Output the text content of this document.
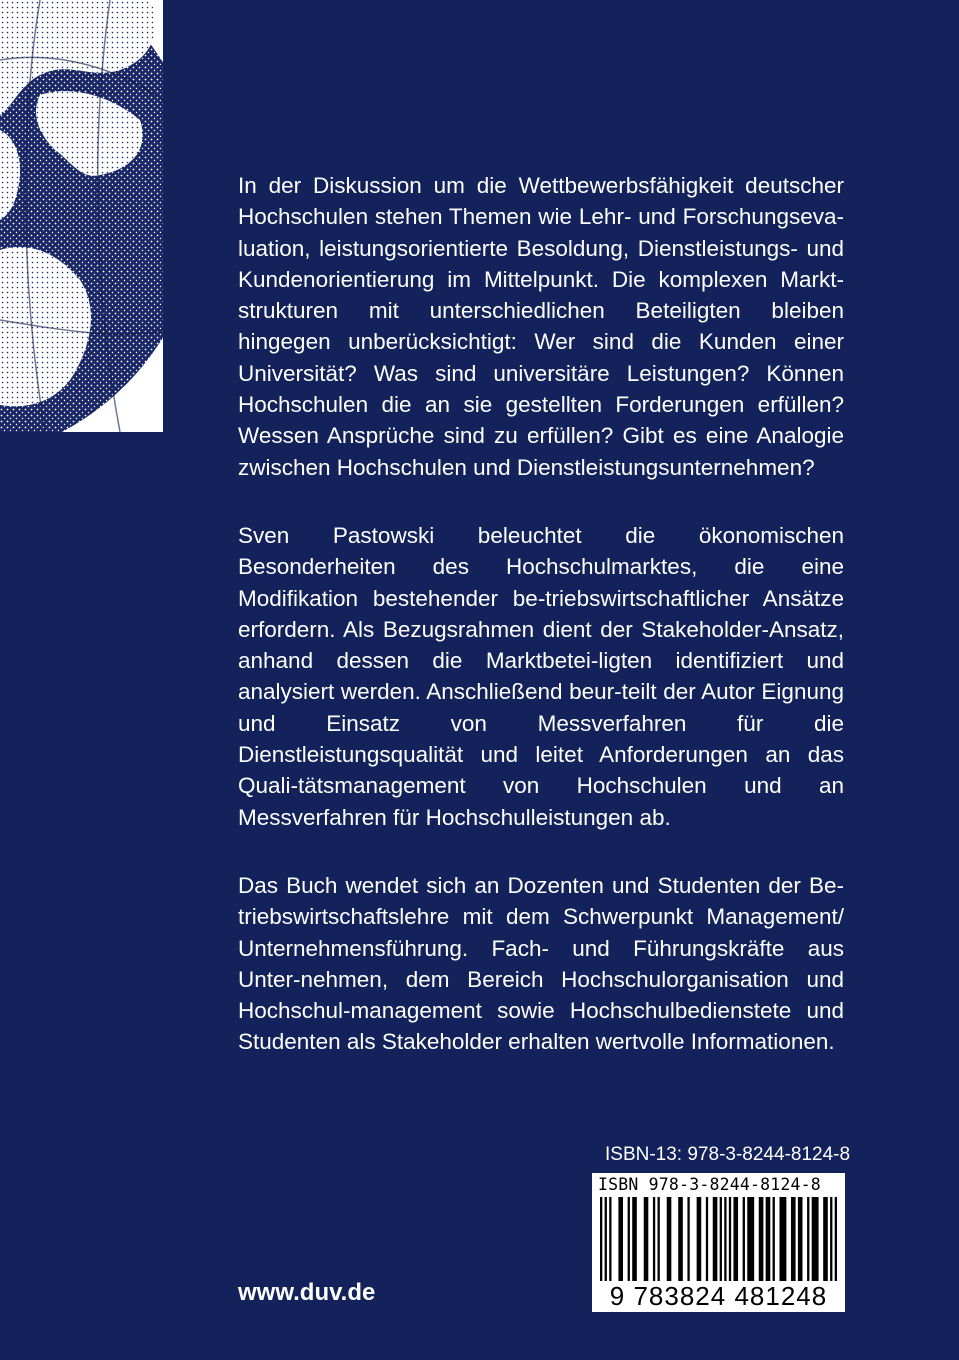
In der Diskussion um die Wettbewerbsfähigkeit deutscher Hochschulen stehen Themen wie Lehr- und Forschungseva-luation, leistungsorientierte Besoldung, Dienstleistungs- und Kundenorientierung im Mittelpunkt. Die komplexen Markt-strukturen mit unterschiedlichen Beteiligten bleiben hingegen unberücksichtigt: Wer sind die Kunden einer Universität? Was sind universitäre Leistungen? Können Hochschulen die an sie gestellten Forderungen erfüllen? Wessen Ansprüche sind zu erfüllen? Gibt es eine Analogie zwischen Hochschulen und Dienstleistungsunternehmen?

Sven Pastowski beleuchtet die ökonomischen Besonderheiten des Hochschulmarktes, die eine Modifikation bestehender be-triebswirtschaftlicher Ansätze erfordern. Als Bezugsrahmen dient der Stakeholder-Ansatz, anhand dessen die Marktbetei-ligten identifiziert und analysiert werden. Anschließend beur-teilt der Autor Eignung und Einsatz von Messverfahren für die Dienstleistungsqualität und leitet Anforderungen an das Quali-tätsmanagement von Hochschulen und an Messverfahren für Hochschulleistungen ab.

Das Buch wendet sich an Dozenten und Studenten der Be-triebswirtschaftslehre mit dem Schwerpunkt Management/ Unternehmensführung. Fach- und Führungskräfte aus Unter-nehmen, dem Bereich Hochschulorganisation und Hochschul-management sowie Hochschulbedienstete und Studenten als Stakeholder erhalten wertvolle Informationen.

ISBN-13: 978-3-8244-8124-8
ISBN 978-3-8244-8124-8
9 783824 481248
www.duv.de
